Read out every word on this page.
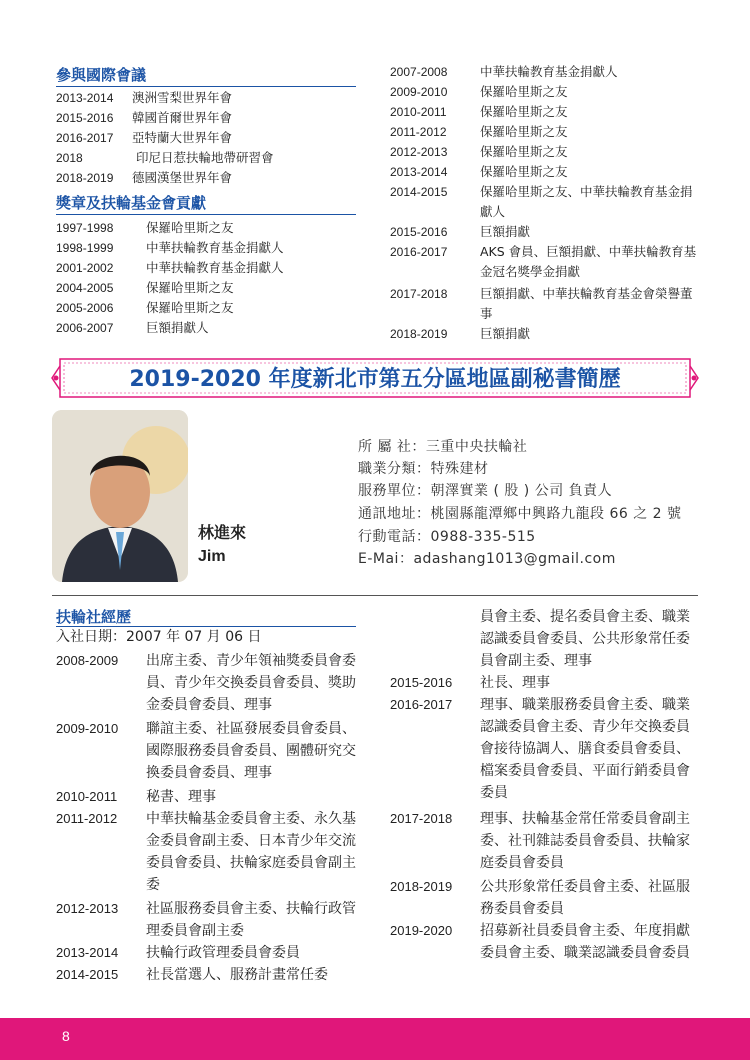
參與國際會議
2013-2014	澳洲雪梨世界年會
2015-2016	韓國首爾世界年會
2016-2017	亞特蘭大世界年會
2018	印尼日惹扶輪地帶研習會
2018-2019	德國漢堡世界年會
獎章及扶輪基金會貢獻
1997-1998	保羅哈里斯之友
1998-1999	中華扶輪教育基金捐獻人
2001-2002	中華扶輪教育基金捐獻人
2004-2005	保羅哈里斯之友
2005-2006	保羅哈里斯之友
2006-2007	巨額捐獻人
2007-2008	中華扶輪教育基金捐獻人
2009-2010	保羅哈里斯之友
2010-2011	保羅哈里斯之友
2011-2012	保羅哈里斯之友
2012-2013	保羅哈里斯之友
2013-2014	保羅哈里斯之友
2014-2015	保羅哈里斯之友、中華扶輪教育基金捐獻人
2015-2016	巨額捐獻
2016-2017	AKS 會員、巨額捐獻、中華扶輪教育基金冠名獎學金捐獻
2017-2018	巨額捐獻、中華扶輪教育基金會榮譽董事
2018-2019	巨額捐獻
2019-2020 年度新北市第五分區地區副秘書簡歷
林進來
Jim
所 屬 社：三重中央扶輪社
職業分類：特殊建材
服務單位：朝澤實業 ( 股 ) 公司 負責人
通訊地址：桃園縣龍潭鄉中興路九龍段 66 之 2 號
行動電話：0988-335-515
E-Mai：adashang1013@gmail.com
扶輪社經歷
入社日期：2007 年 07 月 06 日
2008-2009	出席主委、青少年領袖獎委員會委員、青少年交換委員會委員、獎助金委員會委員、理事
2009-2010	聯誼主委、社區發展委員會委員、國際服務委員會委員、團體研究交換委員會委員、理事
2010-2011	秘書、理事
2011-2012	中華扶輪基金委員會主委、永久基金委員會副主委、日本青少年交流委員會委員、扶輪家庭委員會副主委
2012-2013	社區服務委員會主委、扶輪行政管理委員會副主委
2013-2014	扶輪行政管理委員會委員
2014-2015	社長當選人、服務計畫常任委
員會主委、提名委員會主委、職業認識委員會委員、公共形象常任委員會副主委、理事
2015-2016	社長、理事
2016-2017	理事、職業服務委員會主委、職業認識委員會主委、青少年交換委員會接待協調人、膳食委員會委員、檔案委員會委員、平面行銷委員會委員
2017-2018	理事、扶輪基金常任常委員會副主委、社刊雜誌委員會委員、扶輪家庭委員會委員
2018-2019	公共形象常任委員會主委、社區服務委員會委員
2019-2020	招募新社員委員會主委、年度捐獻委員會主委、職業認識委員會委員
8
